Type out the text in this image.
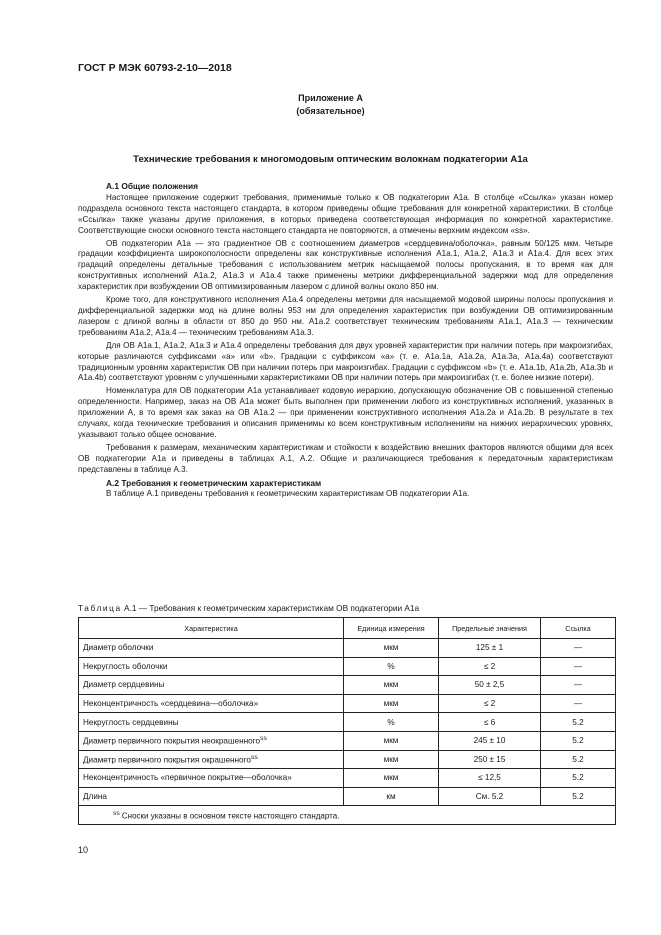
ГОСТ Р МЭК 60793-2-10—2018
Приложение А
(обязательное)
Технические требования к многомодовым оптическим волокнам подкатегории А1а

А.1 Общие положения

Настоящее приложение содержит требования, применимые только к ОВ подкатегории А1а. В столбце «Ссылка» указан номер подраздела основного текста настоящего стандарта, в котором приведены общие требования для конкретной характеристики. В столбце «Ссылка» также указаны другие приложения, в которых приведена соответствующая информация по конкретной характеристике. Соответствующие сноски основного текста настоящего стандарта не повторяются, а отмечены верхним индексом «ss».

ОВ подкатегории А1а — это градиентное ОВ с соотношением диаметров «сердцевина/оболочка», равным 50/125 мкм. Четыре градации коэффициента широкополосности определены как конструктивные исполнения А1а.1, А1а.2, А1а.3 и А1а.4. Для всех этих градаций определены детальные требования с использованием метрик насыщаемой полосы пропускания, в то время как для конструктивных исполнений А1а.2, А1а.3 и А1а.4 также применены метрики дифференциальной задержки мод для определения характеристик при возбуждении ОВ оптимизированным лазером с длиной волны около 850 нм.

Кроме того, для конструктивного исполнения А1а.4 определены метрики для насыщаемой модовой ширины полосы пропускания и дифференциальной задержки мод на длине волны 953 нм для определения характеристик при возбуждении ОВ оптимизированным лазером с длиной волны в области от 850 до 950 нм. А1а.2 соответствует техническим требованиям А1а.1, А1а.3 — техническим требованиям А1а.2, А1а.4 — техническим требованиям А1а.3.

Для ОВ А1а.1, А1а.2, А1а.3 и А1а.4 определены требования для двух уровней характеристик при наличии потерь при макроизгибах, которые различаются суффиксами «а» или «b». Градации с суффиксом «а» (т. е. А1а.1а, А1а.2а, А1а.3а, А1а.4а) соответствуют традиционным уровням характеристик ОВ при наличии потерь при макроизгибах. Градации с суффиксом «b» (т. е. А1а.1b, А1а.2b, А1а.3b и А1а.4b) соответствуют уровням с улучшенными характеристиками ОВ при наличии потерь при макроизгибах (т. е. более низкие потери).

Номенклатура для ОВ подкатегории А1а устанавливает кодовую иерархию, допускающую обозначение ОВ с повышенной степенью определенности. Например, заказ на ОВ А1а может быть выполнен при применении любого из конструктивных исполнений, указанных в приложении А, в то время как заказ на ОВ А1а.2 — при применении конструктивного исполнения А1а.2а и А1а.2b. В результате в тех случаях, когда технические требования и описания применимы ко всем конструктивным исполнениям на нижних иерархических уровнях, указывают только общее основание.

Требования к размерам, механическим характеристикам и стойкости к воздействию внешних факторов являются общими для всех ОВ подкатегории А1а и приведены в таблицах А.1, А.2. Общие и различающиеся требования к передаточным характеристикам представлены в таблице А.3.

А.2 Требования к геометрическим характеристикам

В таблице А.1 приведены требования к геометрическим характеристикам ОВ подкатегории А1а.

Таблица А.1 — Требования к геометрическим характеристикам ОВ подкатегории А1а
Характеристика	Единица измерения	Предельные значения	Ссылка
Диаметр оболочки	мкм	125 ± 1	—
Некруглость оболочки	%	≤ 2	—
Диаметр сердцевины	мкм	50 ± 2,5	—
Неконцентричность «сердцевина—оболочка»	мкм	≤ 2	—
Некруглость сердцевины	%	≤ 6	5.2
Диаметр первичного покрытия неокрашенного$^{ss}$	мкм	245 ± 10	5.2
Диаметр первичного покрытия окрашенного$^{ss}$	мкм	250 ± 15	5.2
Неконцентричность «первичное покрытие—оболочка»	мкм	≤ 12,5	5.2
Длина	км	См. 5.2	5.2
$^{ss}$ Сноски указаны в основном тексте настоящего стандарта.			
10
